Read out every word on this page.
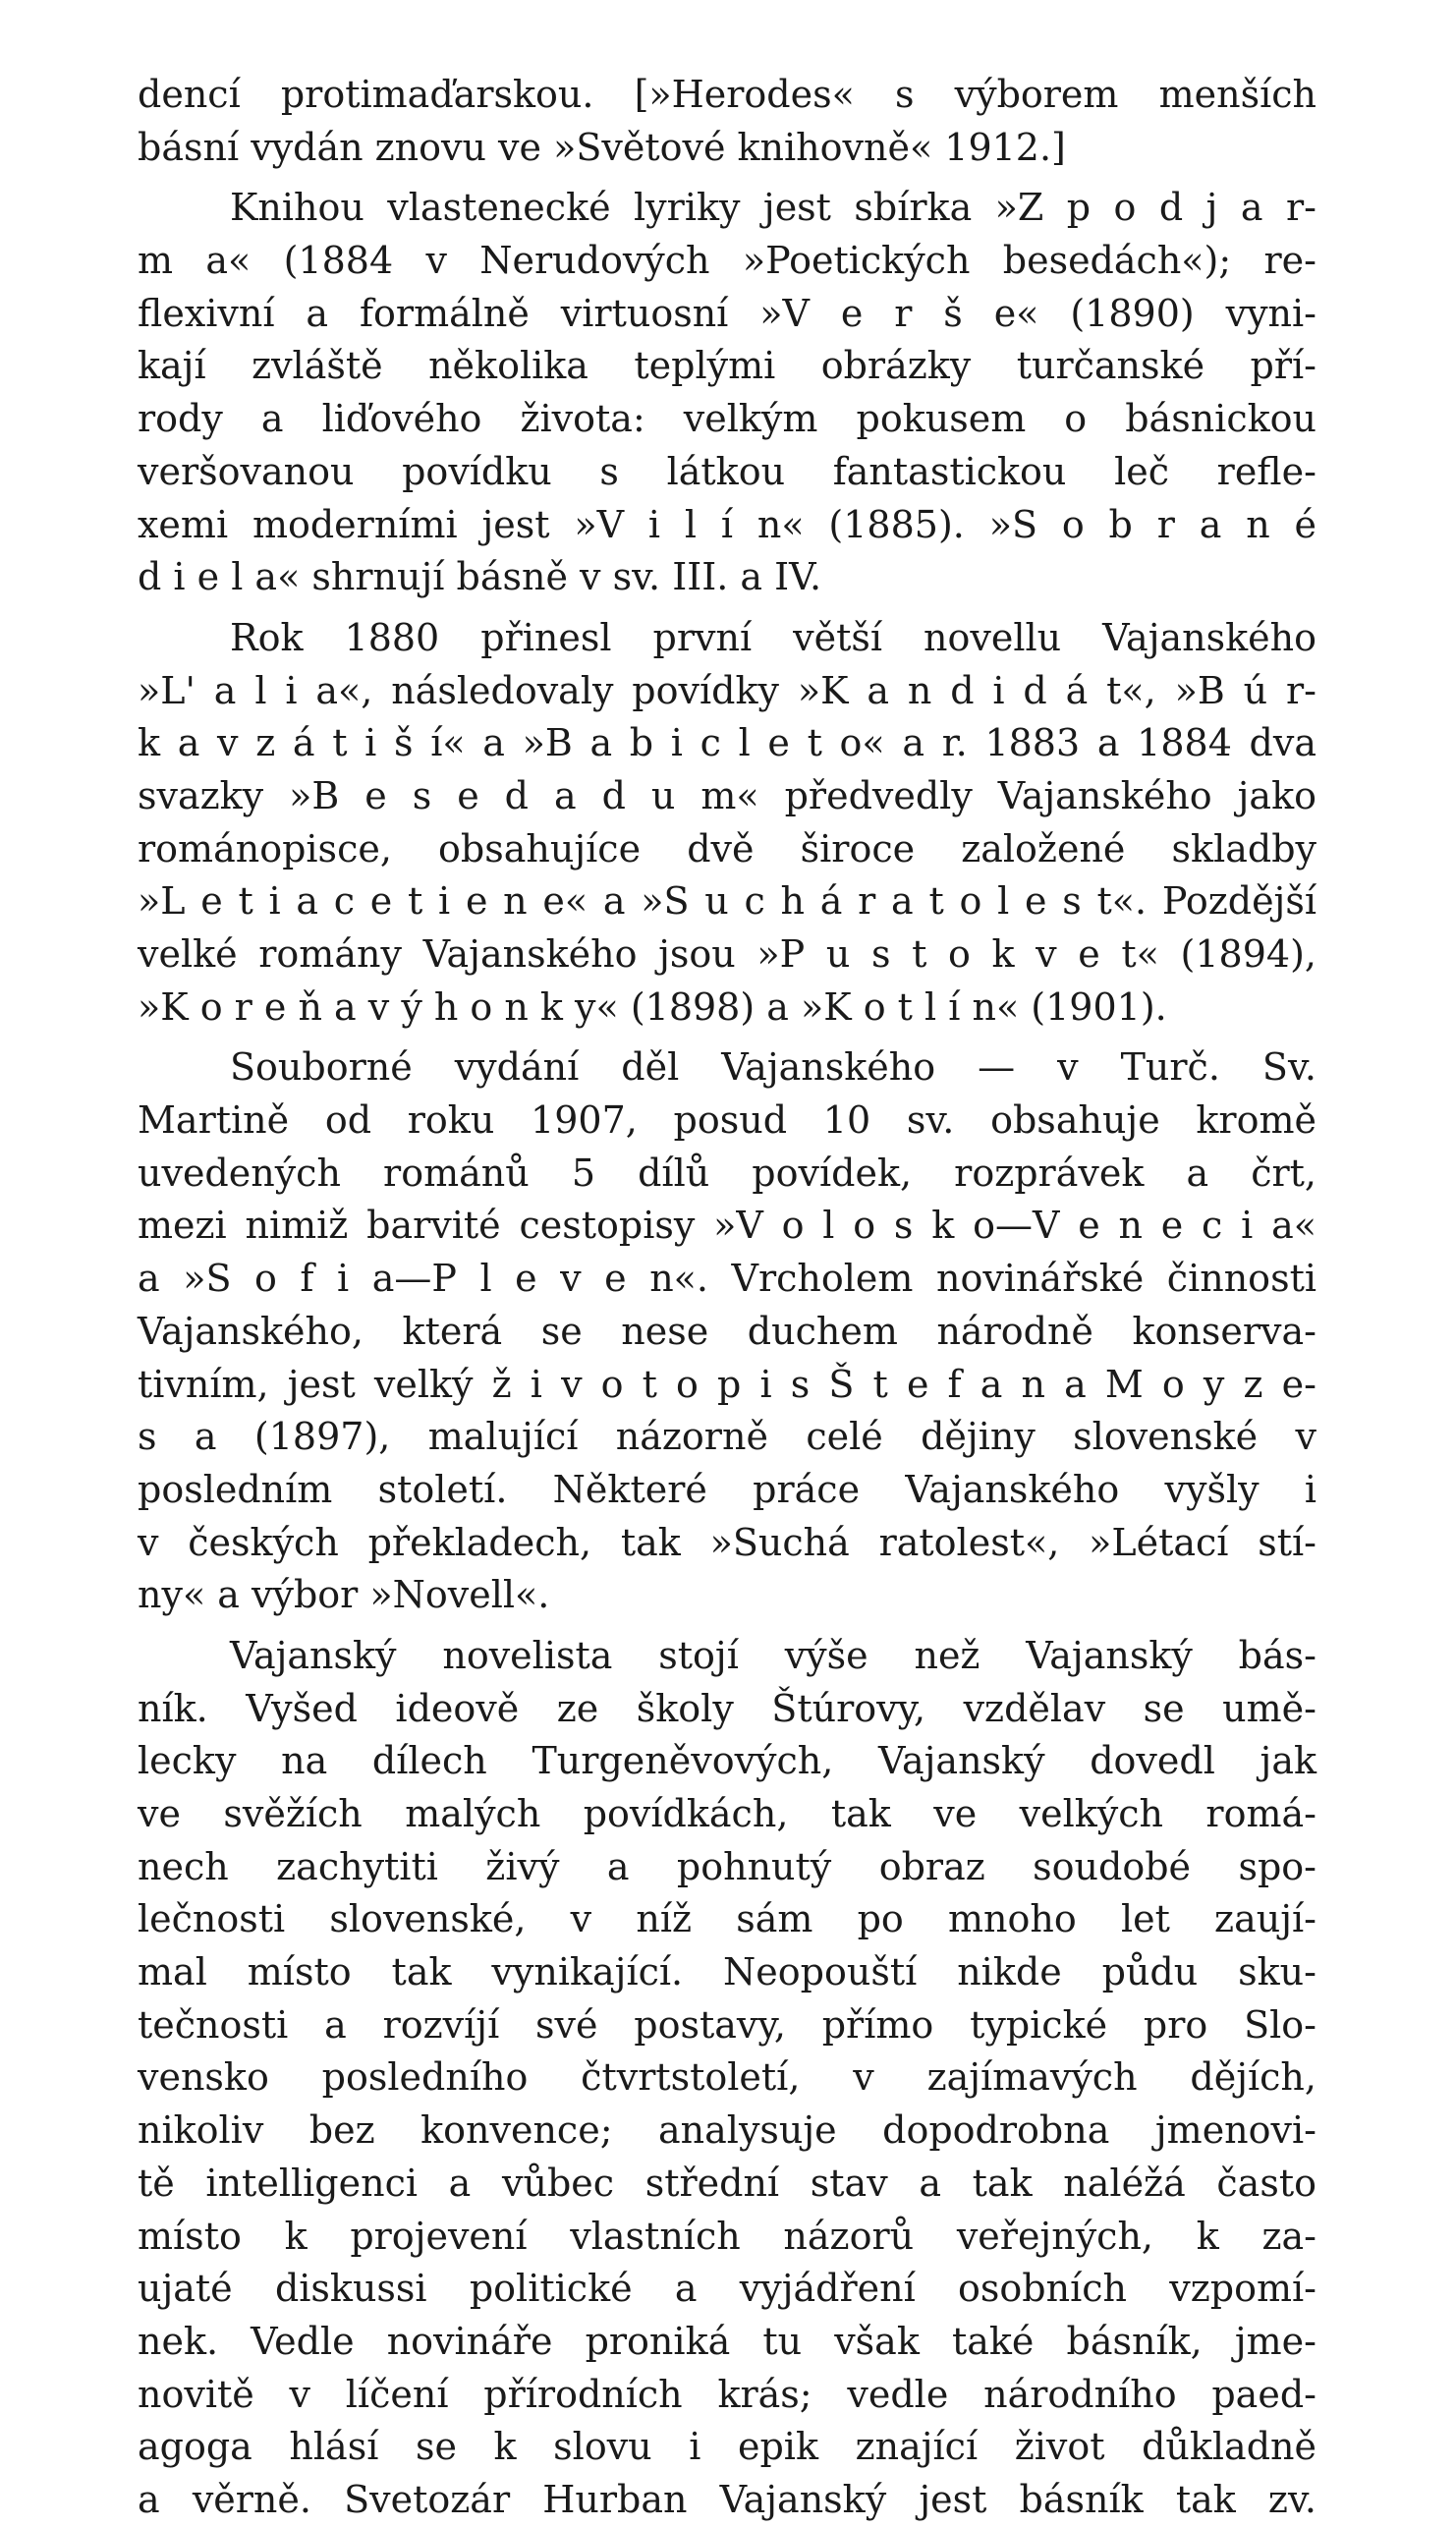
dencí protimaďarskou. [»Herodes« s výborem menších
básní vydán znovu ve »Světové knihovně« 1912.]
Knihou vlastenecké lyriky jest sbírka »Z p o d j a r-
m a« (1884 v Nerudových »Poetických besedách«); re-
flexivní a formálně virtuosní »V e r š e« (1890) vyni-
kají zvláště několika teplými obrázky turčanské pří-
rody a liďového života: velkým pokusem o básnickou
veršovanou povídku s látkou fantastickou leč refle-
xemi moderními jest »V i l í n« (1885). »S o b r a n é
d i e l a« shrnují básně v sv. III. a IV.
Rok 1880 přinesl první větší novellu Vajanského
»L' a l i a«, následovaly povídky »K a n d i d á t«, »B ú r-
k a v z á t i š í« a »B a b i c l e t o« a r. 1883 a 1884 dva
svazky »B e s e d a d u m« předvedly Vajanského jako
románopisce, obsahujíce dvě široce založené skladby
»L e t i a c e t i e n e« a »S u c h á r a t o l e s t«. Pozdější
velké romány Vajanského jsou »P u s t o k v e t« (1894),
»K o r e ň a v ý h o n k y« (1898) a »K o t l í n« (1901).
Souborné vydání děl Vajanského — v Turč. Sv.
Martině od roku 1907, posud 10 sv. obsahuje kromě
uvedených románů 5 dílů povídek, rozprávek a črt,
mezi nimiž barvité cestopisy »V o l o s k o—V e n e c i a«
a »S o f i a—P l e v e n«. Vrcholem novinářské činnosti
Vajanského, která se nese duchem národně konserva-
tivním, jest velký ž i v o t o p i s Š t e f a n a M o y z e-
s a (1897), malující názorně celé dějiny slovenské v
posledním století. Některé práce Vajanského vyšly i
v českých překladech, tak »Suchá ratolest«, »Létací stí-
ny« a výbor »Novell«.
Vajanský novelista stojí výše než Vajanský bás-
ník. Vyšed ideově ze školy Štúrovy, vzdělav se umě-
lecky na dílech Turgeněvových, Vajanský dovedl jak
ve svěžích malých povídkách, tak ve velkých romá-
nech zachytiti živý a pohnutý obraz soudobé spo-
lečnosti slovenské, v níž sám po mnoho let zaují-
mal místo tak vynikající. Neopouští nikde půdu sku-
tečnosti a rozvíjí své postavy, přímo typické pro Slo-
vensko posledního čtvrtstoletí, v zajímavých dějích,
nikoliv bez konvence; analysuje dopodrobna jmenovi-
tě intelligenci a vůbec střední stav a tak naléžá často
místo k projevení vlastních názorů veřejných, k za-
ujaté diskussi politické a vyjádření osobních vzpomí-
nek. Vedle novináře proniká tu však také básník, jme-
novitě v líčení přírodních krás; vedle národního paed-
agoga hlásí se k slovu i epik znající život důkladně
a věrně. Svetozár Hurban Vajanský jest básník tak zv.
